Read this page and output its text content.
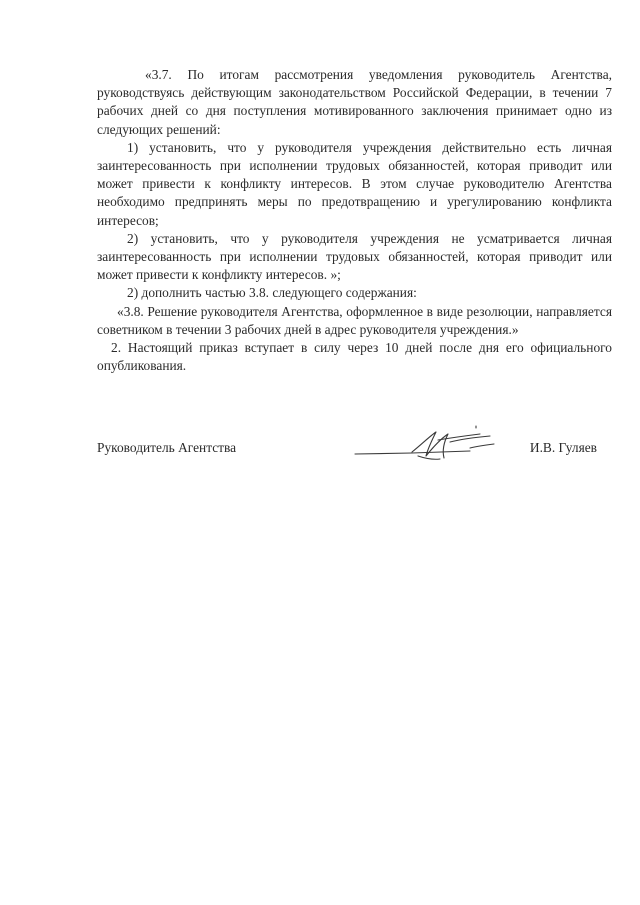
«3.7. По итогам рассмотрения уведомления руководитель Агентства, руководствуясь действующим законодательством Российской Федерации, в течении 7 рабочих дней со дня поступления мотивированного заключения принимает одно из следующих решений:

1) установить, что у руководителя учреждения действительно есть личная заинтересованность при исполнении трудовых обязанностей, которая приводит или может привести к конфликту интересов. В этом случае руководителю Агентства необходимо предпринять меры по предотвращению и урегулированию конфликта интересов;

2) установить, что у руководителя учреждения не усматривается личная заинтересованность при исполнении трудовых обязанностей, которая приводит или может привести к конфликту интересов. »;

2) дополнить частью 3.8. следующего содержания:

«3.8. Решение руководителя Агентства, оформленное в виде резолюции, направляется советником в течении 3 рабочих дней в адрес руководителя учреждения.»

2. Настоящий приказ вступает в силу через 10 дней после дня его официального опубликования.

Руководитель Агентства	И.В. Гуляев
